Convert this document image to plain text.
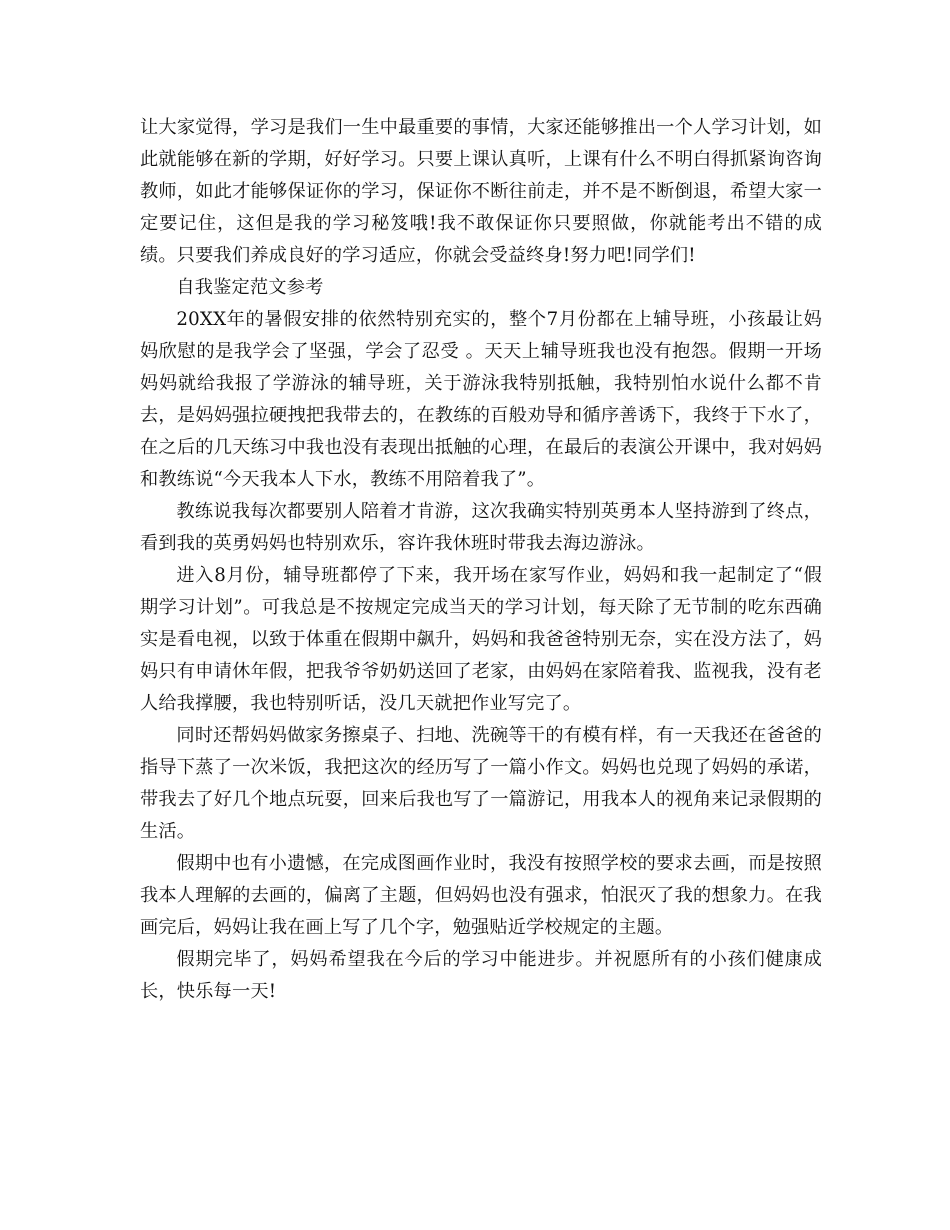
让大家觉得，学习是我们一生中最重要的事情，大家还能够推出一个人学习计划，如此就能够在新的学期，好好学习。只要上课认真听，上课有什么不明白得抓紧询咨询教师，如此才能够保证你的学习，保证你不断往前走，并不是不断倒退，希望大家一定要记住，这但是我的学习秘笈哦!我不敢保证你只要照做，你就能考出不错的成绩。只要我们养成良好的学习适应，你就会受益终身!努力吧!同学们!

自我鉴定范文参考

20XX年的暑假安排的依然特别充实的，整个7月份都在上辅导班，小孩最让妈妈欣慰的是我学会了坚强，学会了忍受 。天天上辅导班我也没有抱怨。假期一开场妈妈就给我报了学游泳的辅导班，关于游泳我特别抵触，我特别怕水说什么都不肯去，是妈妈强拉硬拽把我带去的，在教练的百般劝导和循序善诱下，我终于下水了，在之后的几天练习中我也没有表现出抵触的心理，在最后的表演公开课中，我对妈妈和教练说“今天我本人下水，教练不用陪着我了”。

教练说我每次都要别人陪着才肯游，这次我确实特别英勇本人坚持游到了终点，看到我的英勇妈妈也特别欢乐，容许我休班时带我去海边游泳。

进入8月份，辅导班都停了下来，我开场在家写作业，妈妈和我一起制定了“假期学习计划”。可我总是不按规定完成当天的学习计划，每天除了无节制的吃东西确实是看电视，以致于体重在假期中飙升，妈妈和我爸爸特别无奈，实在没方法了，妈妈只有申请休年假，把我爷爷奶奶送回了老家，由妈妈在家陪着我、监视我，没有老人给我撑腰，我也特别听话，没几天就把作业写完了。

同时还帮妈妈做家务擦桌子、扫地、洗碗等干的有模有样，有一天我还在爸爸的指导下蒸了一次米饭，我把这次的经历写了一篇小作文。妈妈也兑现了妈妈的承诺，带我去了好几个地点玩耍，回来后我也写了一篇游记，用我本人的视角来记录假期的生活。

假期中也有小遗憾，在完成图画作业时，我没有按照学校的要求去画，而是按照我本人理解的去画的，偏离了主题，但妈妈也没有强求，怕泯灭了我的想象力。在我画完后，妈妈让我在画上写了几个字，勉强贴近学校规定的主题。

假期完毕了，妈妈希望我在今后的学习中能进步。并祝愿所有的小孩们健康成长，快乐每一天!
